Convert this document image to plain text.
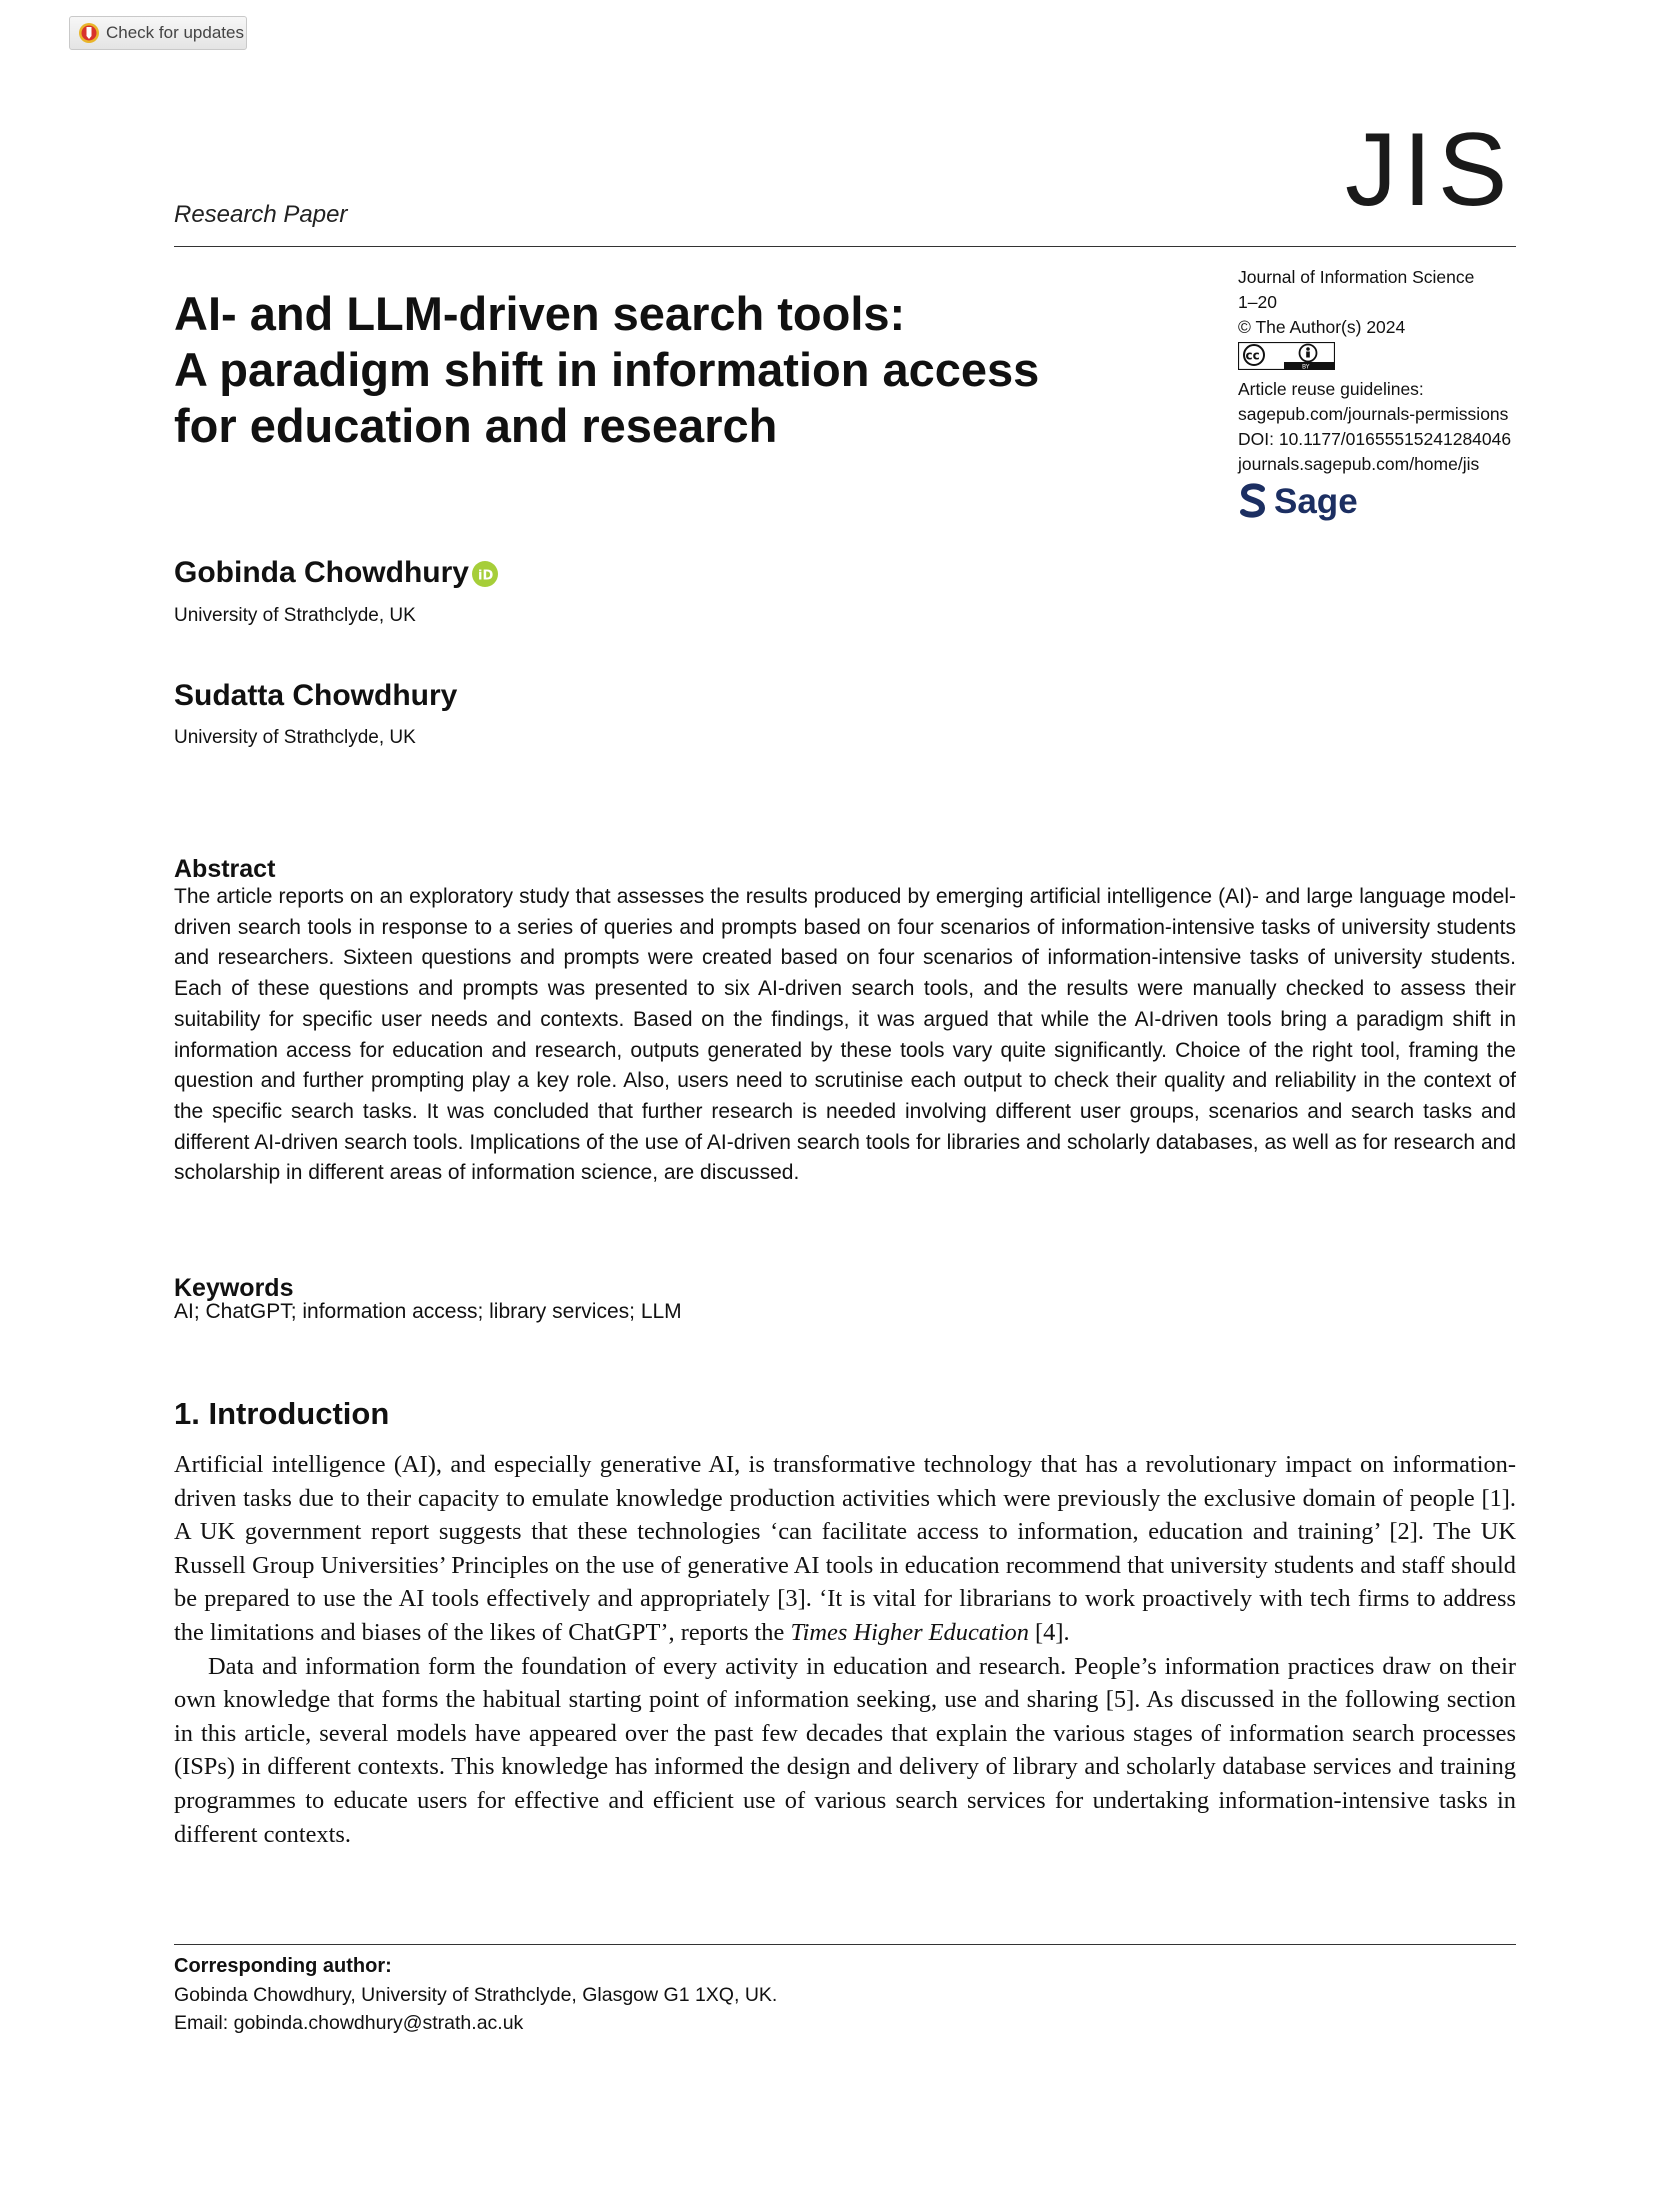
Check for updates
Research Paper	JIS
AI- and LLM-driven search tools:
A paradigm shift in information access
for education and research
Journal of Information Science
1–20
© The Author(s) 2024
BY
cc
Article reuse guidelines:
sagepub.com/journals-permissions
DOI: 10.1177/01655515241284046
journals.sagepub.com/home/jis
Sage
Gobinda Chowdhury iD
University of Strathclyde, UK
Sudatta Chowdhury
University of Strathclyde, UK
Abstract
The article reports on an exploratory study that assesses the results produced by emerging artificial intelligence (AI)- and large language model-driven search tools in response to a series of queries and prompts based on four scenarios of information-intensive tasks of university students and researchers. Sixteen questions and prompts were created based on four scenarios of information-intensive tasks of university students. Each of these questions and prompts was presented to six AI-driven search tools, and the results were manually checked to assess their suitability for specific user needs and contexts. Based on the findings, it was argued that while the AI-driven tools bring a paradigm shift in information access for education and research, outputs generated by these tools vary quite significantly. Choice of the right tool, framing the question and further prompting play a key role. Also, users need to scrutinise each output to check their quality and reliability in the context of the specific search tasks. It was concluded that further research is needed involving different user groups, scenarios and search tasks and different AI-driven search tools. Implications of the use of AI-driven search tools for libraries and scholarly databases, as well as for research and scholarship in different areas of information science, are discussed.
Keywords
AI; ChatGPT; information access; library services; LLM
1. Introduction

Artificial intelligence (AI), and especially generative AI, is transformative technology that has a revolutionary impact on information-driven tasks due to their capacity to emulate knowledge production activities which were previously the exclusive domain of people [1]. A UK government report suggests that these technologies ‘can facilitate access to information, education and training’ [2]. The UK Russell Group Universities’ Principles on the use of generative AI tools in education recommend that university students and staff should be prepared to use the AI tools effectively and appropriately [3]. ‘It is vital for librarians to work proactively with tech firms to address the limitations and biases of the likes of ChatGPT’, reports the Times Higher Education [4].

Data and information form the foundation of every activity in education and research. People’s information practices draw on their own knowledge that forms the habitual starting point of information seeking, use and sharing [5]. As discussed in the following section in this article, several models have appeared over the past few decades that explain the various stages of information search processes (ISPs) in different contexts. This knowledge has informed the design and delivery of library and scholarly database services and training programmes to educate users for effective and efficient use of various search services for undertaking information-intensive tasks in different contexts.

Corresponding author:
Gobinda Chowdhury, University of Strathclyde, Glasgow G1 1XQ, UK.
Email: gobinda.chowdhury@strath.ac.uk
